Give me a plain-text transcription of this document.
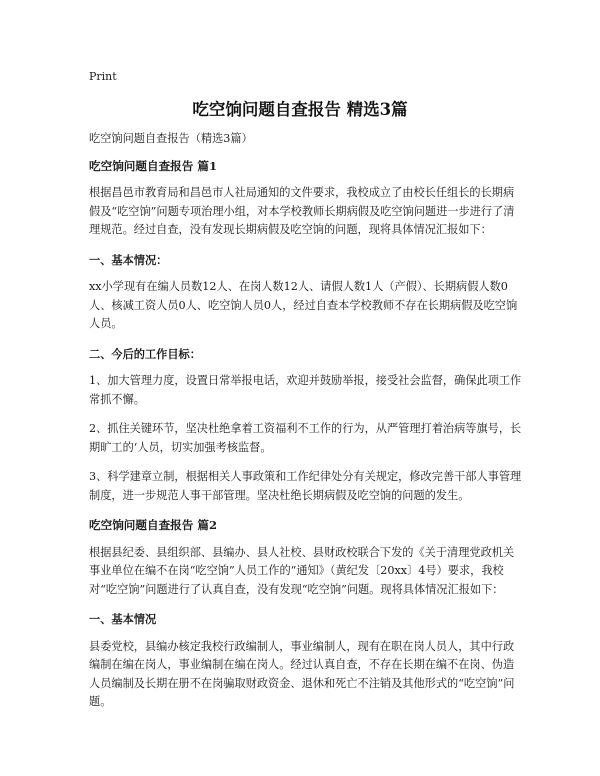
Print
吃空饷问题自查报告 精选3篇

吃空饷问题自查报告（精选3篇）

吃空饷问题自查报告 篇1

根据昌邑市教育局和昌邑市人社局通知的文件要求，我校成立了由校长任组长的长期病假及“吃空饷”问题专项治理小组，对本学校教师长期病假及吃空饷问题进一步进行了清理规范。经过自查，没有发现长期病假及吃空饷的问题，现将具体情况汇报如下：

一、基本情况：

xx小学现有在编人员数12人、在岗人数12人、请假人数1人（产假）、长期病假人数0人、核减工资人员0人、吃空饷人员0人，经过自查本学校教师不存在长期病假及吃空饷人员。

二、今后的工作目标：

1、加大管理力度，设置日常举报电话，欢迎并鼓励举报，接受社会监督，确保此项工作常抓不懈。

2、抓住关键环节，坚决杜绝拿着工资福利不工作的行为，从严管理打着治病等旗号，长期旷工的‘人员，切实加强考核监督。

3、科学建章立制，根据相关人事政策和工作纪律处分有关规定，修改完善干部人事管理制度，进一步规范人事干部管理。坚决杜绝长期病假及吃空饷的问题的发生。

吃空饷问题自查报告 篇2

根据县纪委、县组织部、县编办、县人社校、县财政校联合下发的《关于清理党政机关事业单位在编不在岗“吃空饷”人员工作的“通知》（黄纪发〔20xx〕4号）要求，我校对“吃空饷”问题进行了认真自查，没有发现“吃空饷”问题。现将具体情况汇报如下：

一、基本情况

县委党校，县编办核定我校行政编制人，事业编制人，现有在职在岗人员人，其中行政编制在编在岗人，事业编制在编在岗人。经过认真自查，不存在长期在编不在岗、伪造人员编制及长期在册不在岗骗取财政资金、退休和死亡不注销及其他形式的“吃空饷”问题。
